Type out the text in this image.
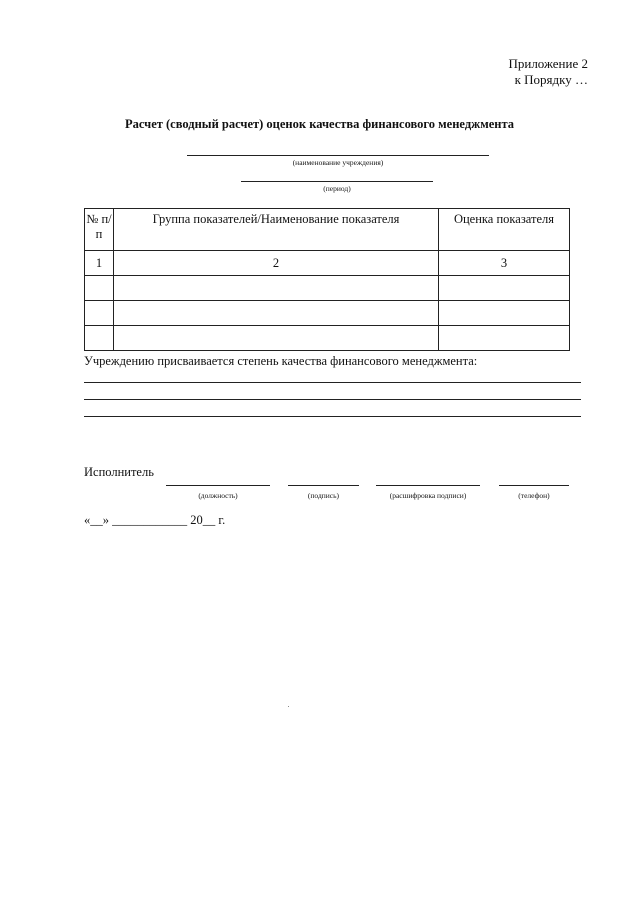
Приложение 2
к Порядку …
Расчет (сводный расчет) оценок качества финансового менеджмента
(наименование учреждения)
(период)
№ п/п	Группа показателей/Наименование показателя	Оценка показателя
1	2	3

Учреждению присваивается степень качества финансового менеджмента:
Исполнитель
(должность)	(подпись)	(расшифровка подписи)	(телефон)
«__» ____________ 20__ г.
